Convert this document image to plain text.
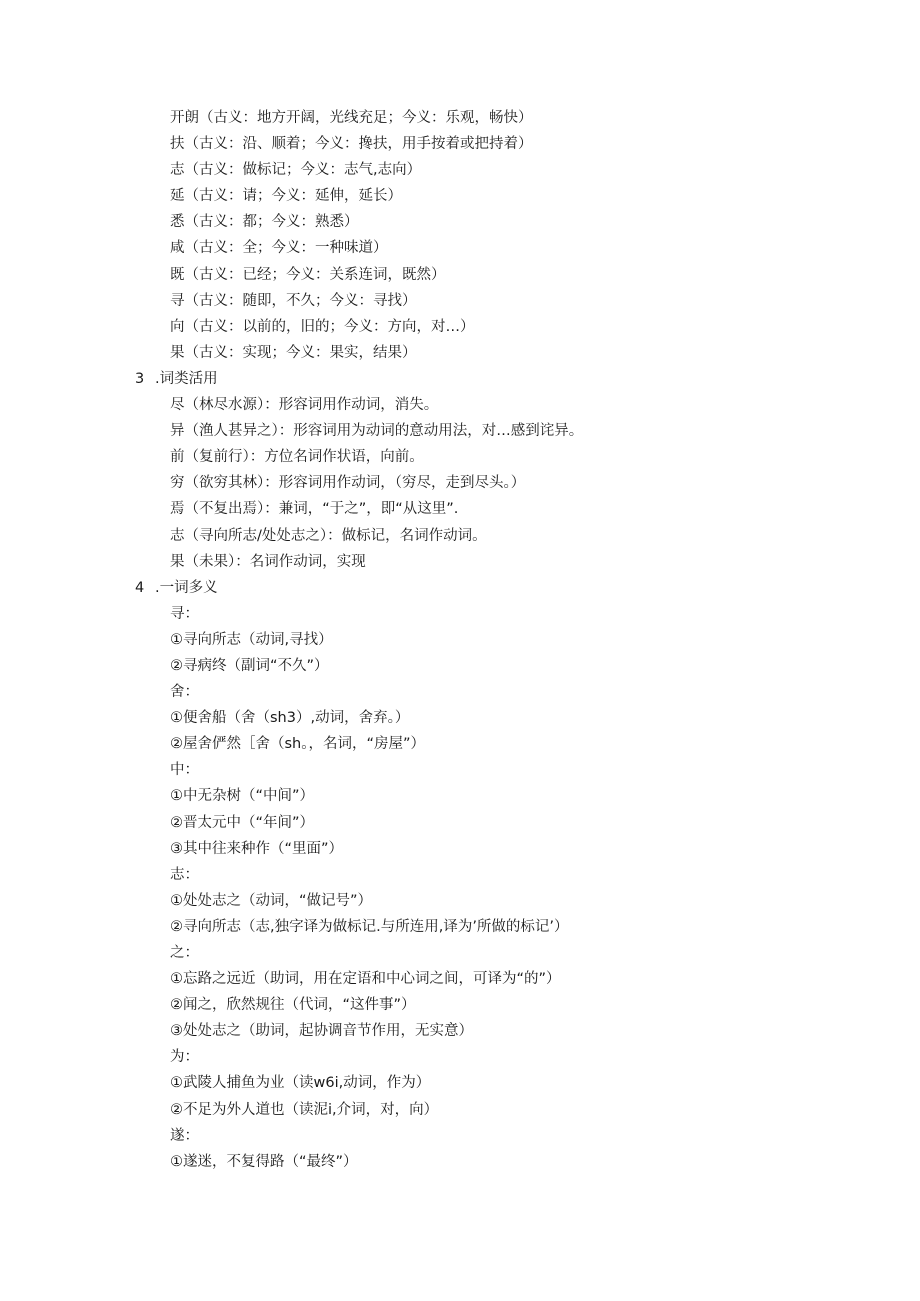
开朗（古义：地方开阔，光线充足；今义：乐观，畅快）
扶（古义：沿、顺着；今义：搀扶，用手按着或把持着）
志（古义：做标记；今义：志气,志向）
延（古义：请；今义：延伸，延长）
悉（古义：都；今义：熟悉）
咸（古义：全；今义：一种味道）
既（古义：已经；今义：关系连词，既然）
寻（古义：随即，不久；今义：寻找）
向（古义：以前的，旧的；今义：方向，对…）
果（古义：实现；今义：果实，结果）
3 .词类活用
尽（林尽水源）：形容词用作动词，消失。
异（渔人甚异之）：形容词用为动词的意动用法，对…感到诧异。
前（复前行）：方位名词作状语，向前。
穷（欲穷其林）：形容词用作动词，（穷尽，走到尽头。）
焉（不复出焉）：兼词，“于之”，即“从这里”.
志（寻向所志/处处志之）：做标记，名词作动词。
果（未果）：名词作动词，实现
4 .一词多义
寻：
①寻向所志（动词,寻找）
②寻病终（副词“不久”）
舍：
①便舍船（舍（sh3）,动词，舍弃。）
②屋舍俨然［舍（sh。，名词，“房屋”）
中：
①中无杂树（“中间”）
②晋太元中（“年间”）
③其中往来种作（“里面”）
志：
①处处志之（动词，“做记号”）
②寻向所志（志,独字译为做标记.与所连用,译为’所做的标记’）
之：
①忘路之远近（助词，用在定语和中心词之间，可译为“的”）
②闻之，欣然规往（代词，“这件事”）
③处处志之（助词，起协调音节作用，无实意）
为：
①武陵人捕鱼为业（读w6i,动词，作为）
②不足为外人道也（读泥i,介词，对，向）
遂：
①遂迷，不复得路（“最终”）
